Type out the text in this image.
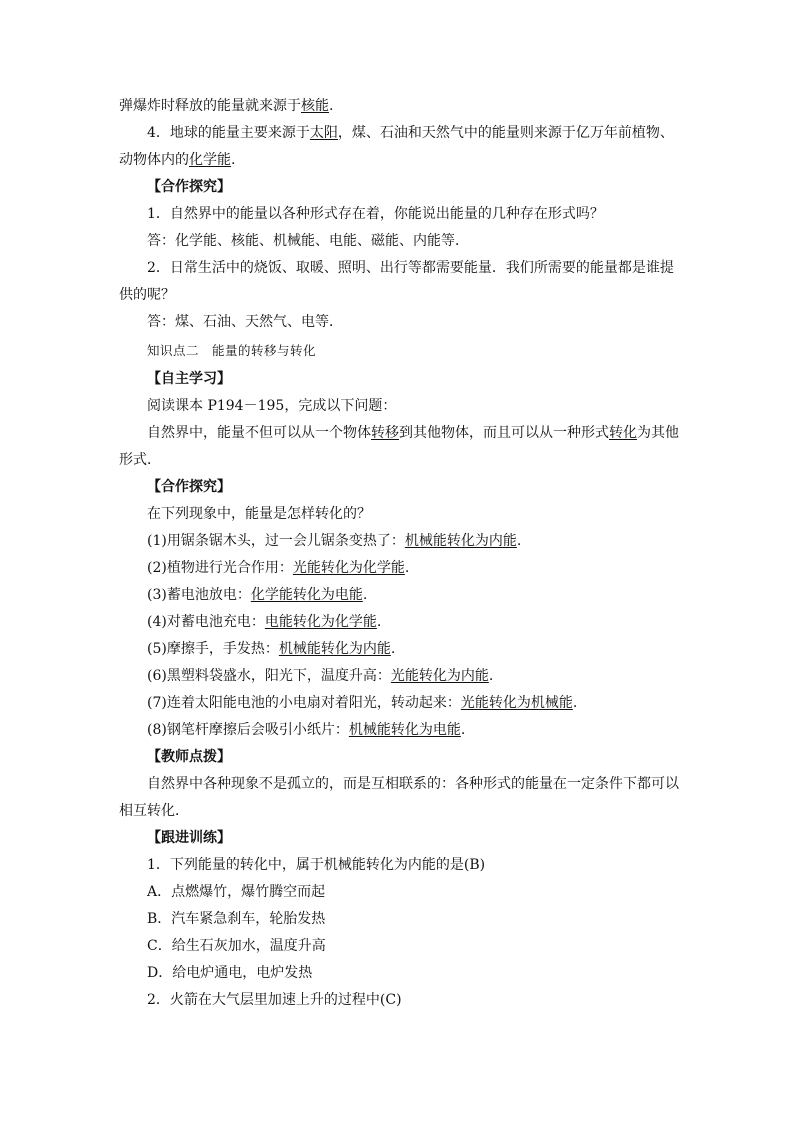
弹爆炸时释放的能量就来源于核能.
4．地球的能量主要来源于太阳，煤、石油和天然气中的能量则来源于亿万年前植物、
动物体内的化学能.
【合作探究】
1．自然界中的能量以各种形式存在着，你能说出能量的几种存在形式吗？
答：化学能、核能、机械能、电能、磁能、内能等．
2．日常生活中的烧饭、取暖、照明、出行等都需要能量．我们所需要的能量都是谁提
供的呢？
答：煤、石油、天然气、电等．
知识点二　能量的转移与转化
【自主学习】
阅读课本 P194－195，完成以下问题：
自然界中，能量不但可以从一个物体转移到其他物体，而且可以从一种形式转化为其他
形式．
【合作探究】
在下列现象中，能量是怎样转化的？
(1)用锯条锯木头，过一会儿锯条变热了：机械能转化为内能.
(2)植物进行光合作用：光能转化为化学能.
(3)蓄电池放电：化学能转化为电能.
(4)对蓄电池充电：电能转化为化学能.
(5)摩擦手，手发热：机械能转化为内能.
(6)黑塑料袋盛水，阳光下，温度升高：光能转化为内能.
(7)连着太阳能电池的小电扇对着阳光，转动起来：光能转化为机械能.
(8)钢笔杆摩擦后会吸引小纸片：机械能转化为电能.
【教师点拨】
自然界中各种现象不是孤立的，而是互相联系的：各种形式的能量在一定条件下都可以
相互转化．
【跟进训练】
1．下列能量的转化中，属于机械能转化为内能的是(B)
A．点燃爆竹，爆竹腾空而起
B．汽车紧急刹车，轮胎发热
C．给生石灰加水，温度升高
D．给电炉通电，电炉发热
2．火箭在大气层里加速上升的过程中(C)
